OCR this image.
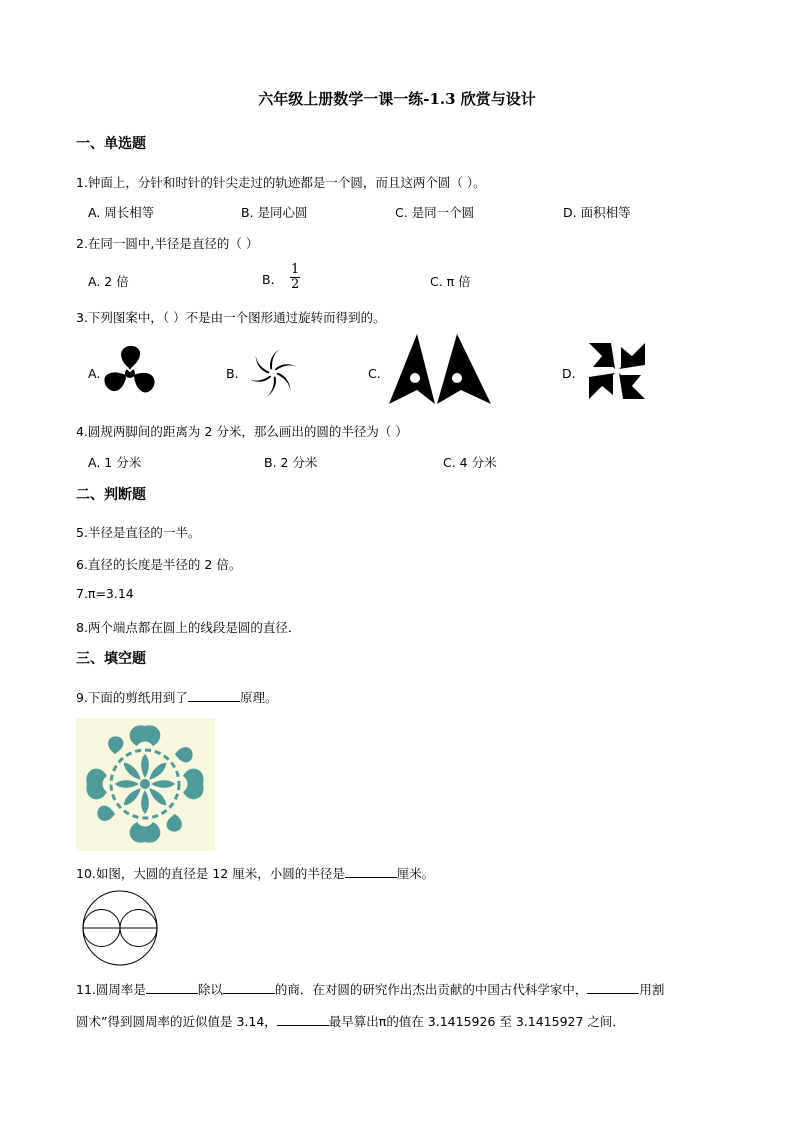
六年级上册数学一课一练-1.3 欣赏与设计
一、单选题
1.钟面上，分针和时针的针尖走过的轨迹都是一个圆，而且这两个圆（ ）。
A. 周长相等	B. 是同心圆	C. 是同一个圆	D. 面积相等
2.在同一圆中,半径是直径的（ ）
A. 2 倍	B. $\frac{1}{2}$	C. π 倍
3.下列图案中，（ ）不是由一个图形通过旋转而得到的。
A.	B.	C.	D.
4.圆规两脚间的距离为 2 分米，那么画出的圆的半径为（ ）
A. 1 分米	B. 2 分米	C. 4 分米
二、判断题
5.半径是直径的一半。
6.直径的长度是半径的 2 倍。
7.π=3.14
8.两个端点都在圆上的线段是圆的直径．
三、填空题
9.下面的剪纸用到了	原理。
10.如图，大圆的直径是 12 厘米，小圆的半径是	厘米。
11.圆周率是	除以	的商．在对圆的研究作出杰出贡献的中国古代科学家中，	用割
圆术”得到圆周率的近似值是 3.14，	最早算出π的值在 3.1415926 至 3.1415927 之间．
